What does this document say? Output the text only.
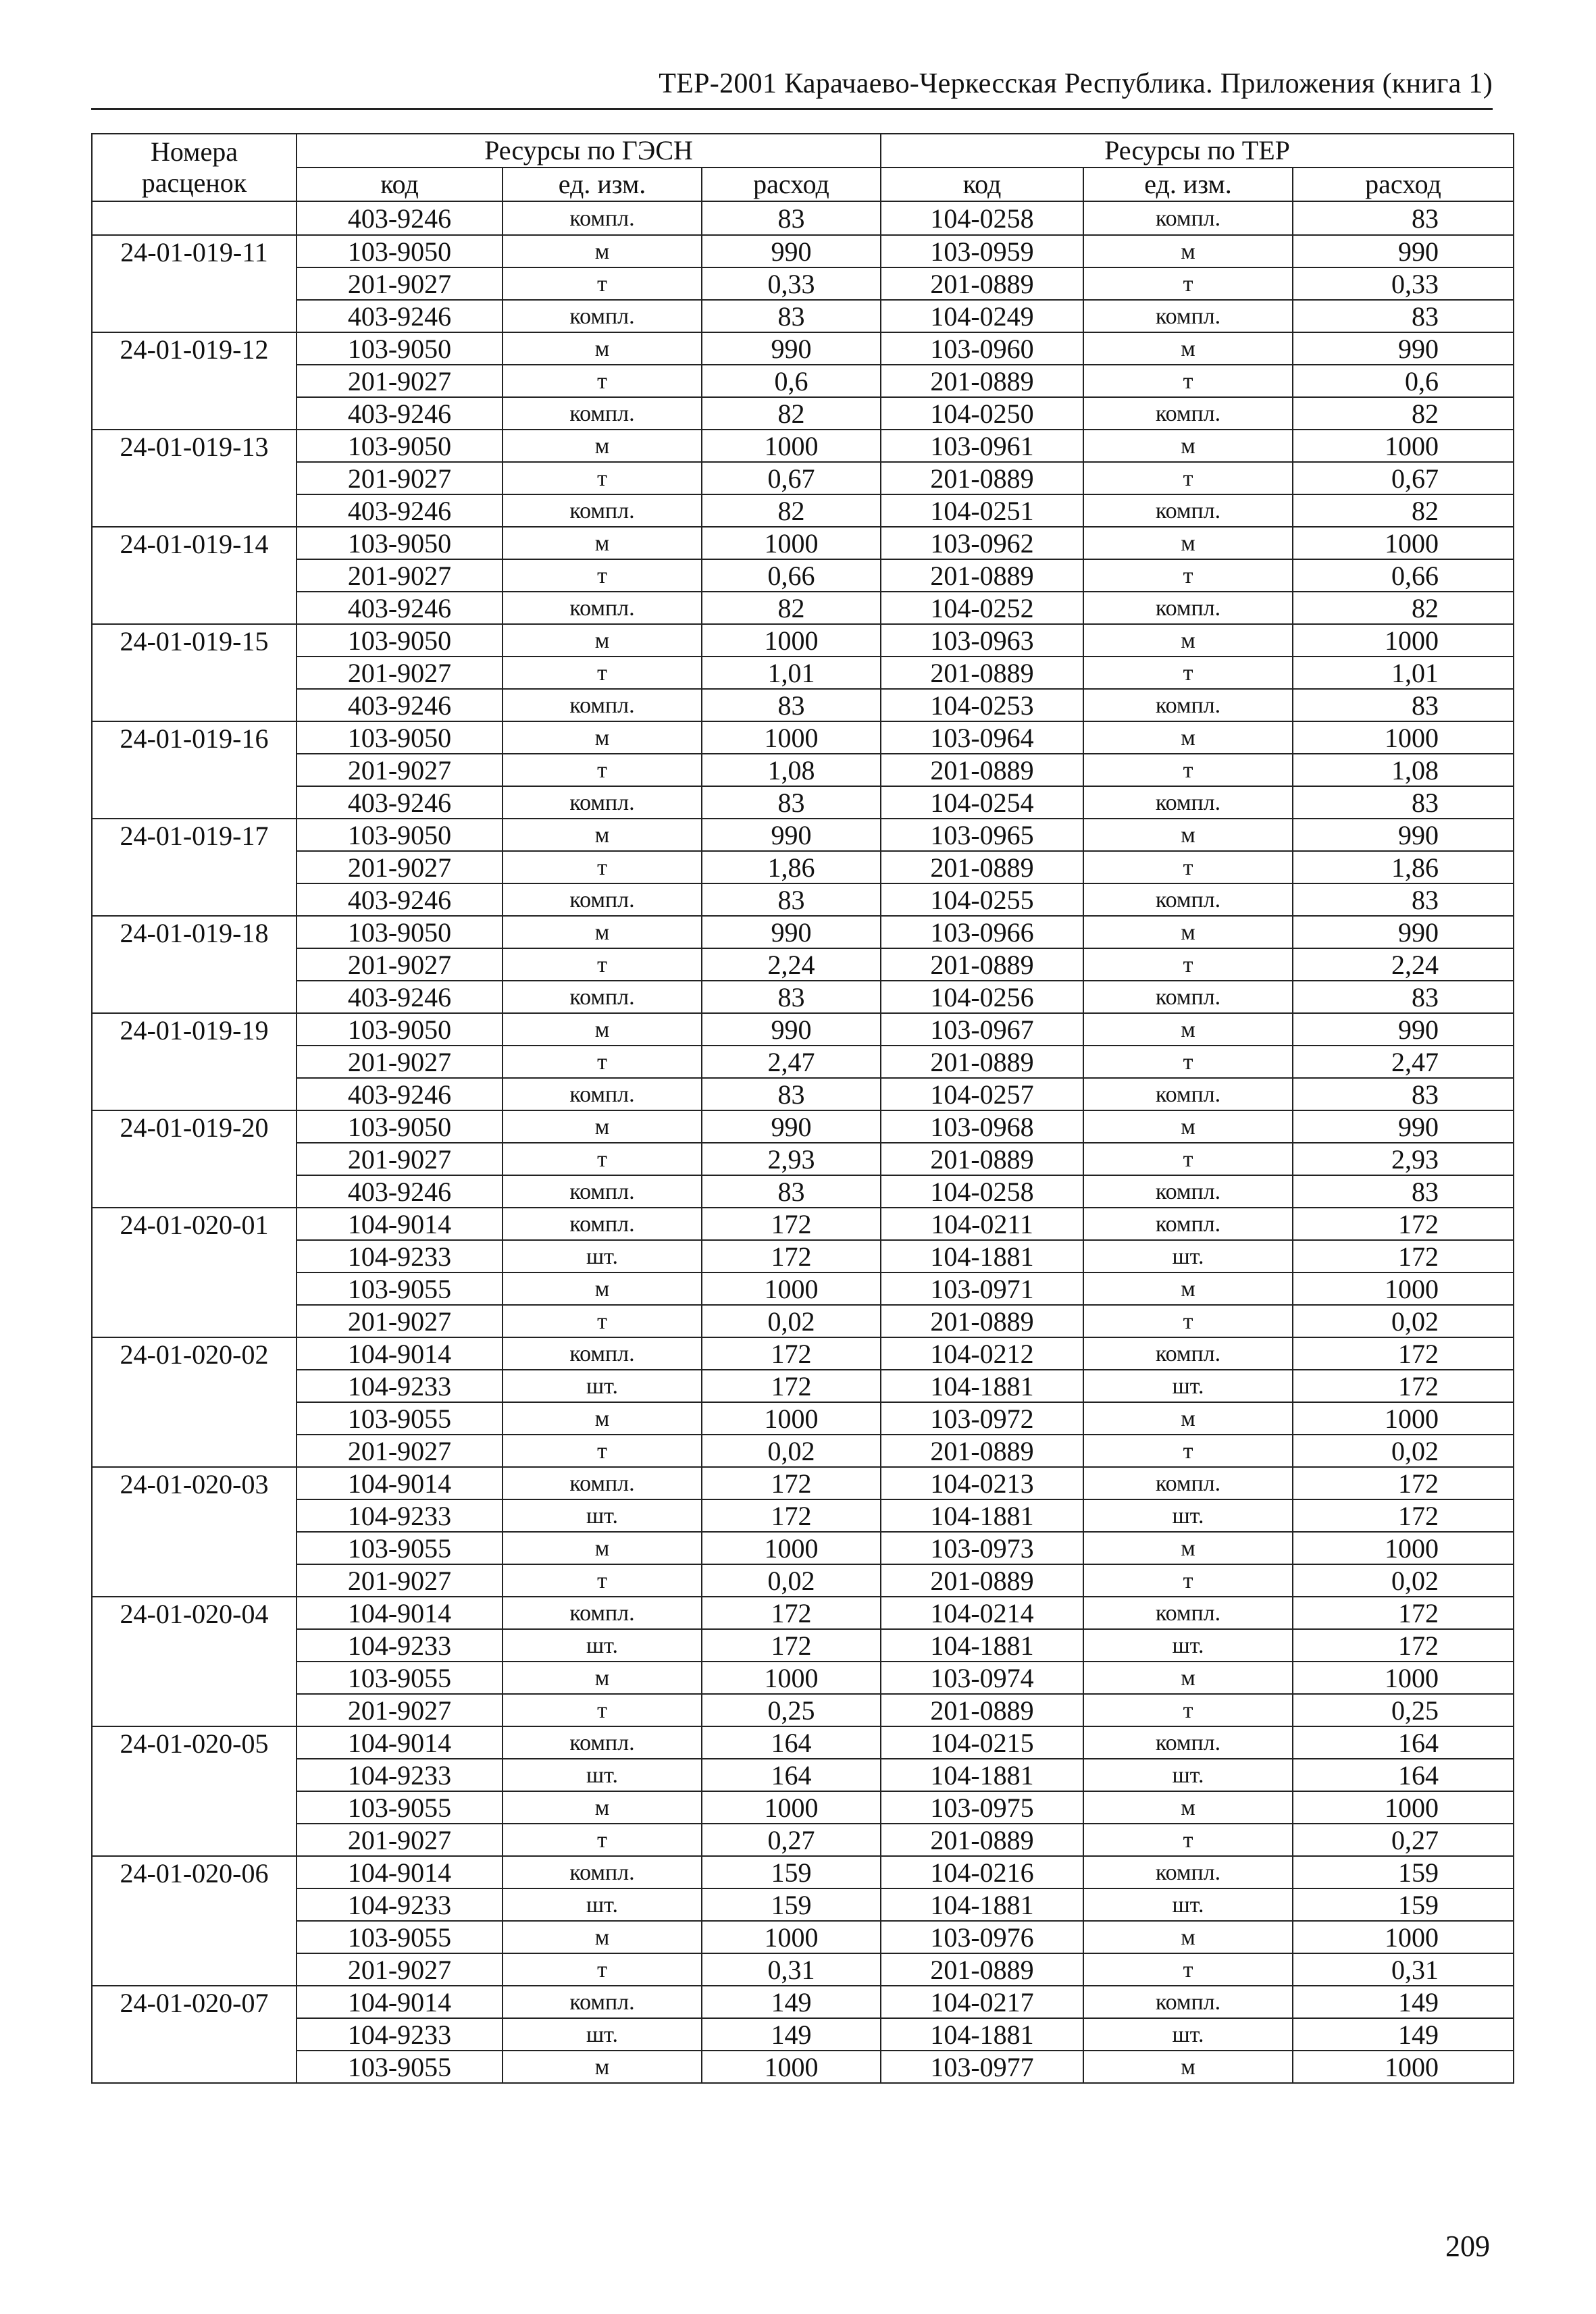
ТЕР-2001 Карачаево-Черкесская Республика. Приложения (книга 1)
Номера
расценок	Ресурсы по ГЭСН			Ресурсы по ТЕР		
	код	ед. изм.	расход	код	ед. изм.	расход
	403-9246	компл.	83	104-0258	компл.	83
24-01-019-11	103-9050	м	990	103-0959	м	990
	201-9027	т	0,33	201-0889	т	0,33
	403-9246	компл.	83	104-0249	компл.	83
24-01-019-12	103-9050	м	990	103-0960	м	990
	201-9027	т	0,6	201-0889	т	0,6
	403-9246	компл.	82	104-0250	компл.	82
24-01-019-13	103-9050	м	1000	103-0961	м	1000
	201-9027	т	0,67	201-0889	т	0,67
	403-9246	компл.	82	104-0251	компл.	82
24-01-019-14	103-9050	м	1000	103-0962	м	1000
	201-9027	т	0,66	201-0889	т	0,66
	403-9246	компл.	82	104-0252	компл.	82
24-01-019-15	103-9050	м	1000	103-0963	м	1000
	201-9027	т	1,01	201-0889	т	1,01
	403-9246	компл.	83	104-0253	компл.	83
24-01-019-16	103-9050	м	1000	103-0964	м	1000
	201-9027	т	1,08	201-0889	т	1,08
	403-9246	компл.	83	104-0254	компл.	83
24-01-019-17	103-9050	м	990	103-0965	м	990
	201-9027	т	1,86	201-0889	т	1,86
	403-9246	компл.	83	104-0255	компл.	83
24-01-019-18	103-9050	м	990	103-0966	м	990
	201-9027	т	2,24	201-0889	т	2,24
	403-9246	компл.	83	104-0256	компл.	83
24-01-019-19	103-9050	м	990	103-0967	м	990
	201-9027	т	2,47	201-0889	т	2,47
	403-9246	компл.	83	104-0257	компл.	83
24-01-019-20	103-9050	м	990	103-0968	м	990
	201-9027	т	2,93	201-0889	т	2,93
	403-9246	компл.	83	104-0258	компл.	83
24-01-020-01	104-9014	компл.	172	104-0211	компл.	172
	104-9233	шт.	172	104-1881	шт.	172
	103-9055	м	1000	103-0971	м	1000
	201-9027	т	0,02	201-0889	т	0,02
24-01-020-02	104-9014	компл.	172	104-0212	компл.	172
	104-9233	шт.	172	104-1881	шт.	172
	103-9055	м	1000	103-0972	м	1000
	201-9027	т	0,02	201-0889	т	0,02
24-01-020-03	104-9014	компл.	172	104-0213	компл.	172
	104-9233	шт.	172	104-1881	шт.	172
	103-9055	м	1000	103-0973	м	1000
	201-9027	т	0,02	201-0889	т	0,02
24-01-020-04	104-9014	компл.	172	104-0214	компл.	172
	104-9233	шт.	172	104-1881	шт.	172
	103-9055	м	1000	103-0974	м	1000
	201-9027	т	0,25	201-0889	т	0,25
24-01-020-05	104-9014	компл.	164	104-0215	компл.	164
	104-9233	шт.	164	104-1881	шт.	164
	103-9055	м	1000	103-0975	м	1000
	201-9027	т	0,27	201-0889	т	0,27
24-01-020-06	104-9014	компл.	159	104-0216	компл.	159
	104-9233	шт.	159	104-1881	шт.	159
	103-9055	м	1000	103-0976	м	1000
	201-9027	т	0,31	201-0889	т	0,31
24-01-020-07	104-9014	компл.	149	104-0217	компл.	149
	104-9233	шт.	149	104-1881	шт.	149
	103-9055	м	1000	103-0977	м	1000
209
